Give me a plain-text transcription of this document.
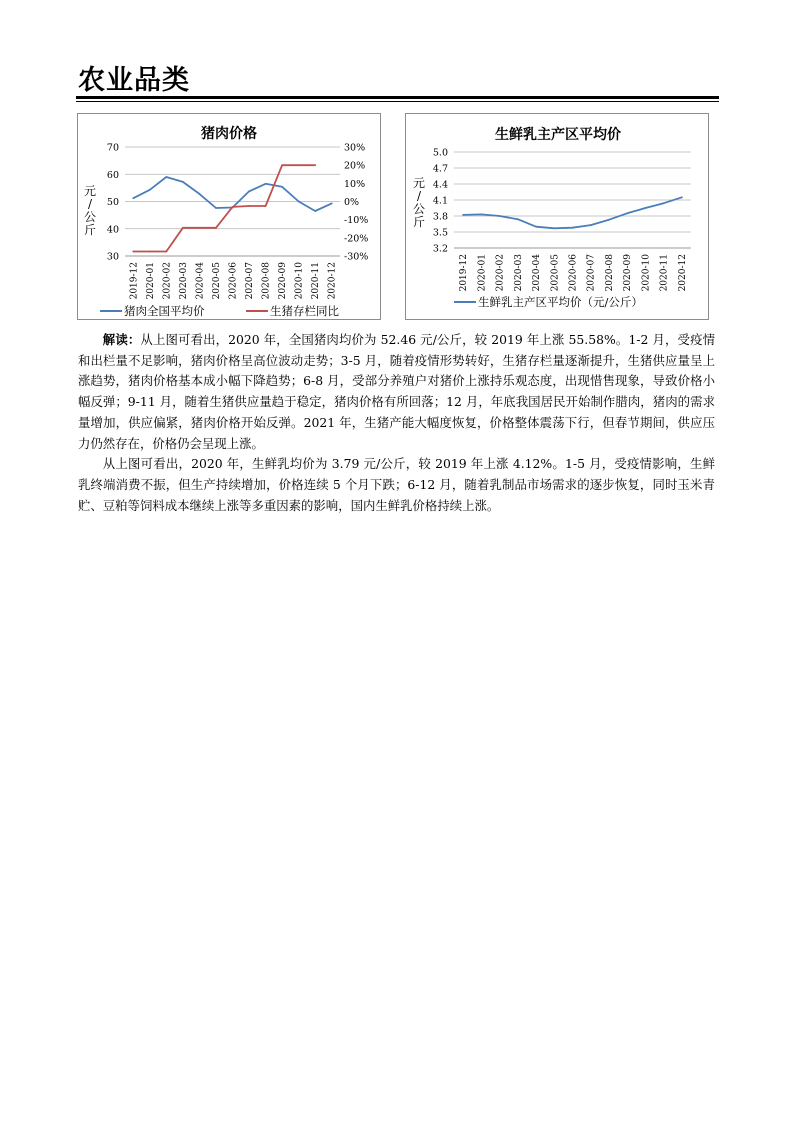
农业品类
猪肉价格
70
60
50
40
30
30%
20%
10%
0%
-10%
-20%
-30%
2019-12 2020-01 2020-02 2020-03 2020-04 2020-05 2020-06 2020-07 2020-08 2020-09 2020-10 2020-11 2020-12
元
/
公
斤
猪肉全国平均价	生猪存栏同比
生鲜乳主产区平均价
5.0
4.7
4.4
4.1
3.8
3.5
3.2
2019-12 2020-01 2020-02 2020-03 2020-04 2020-05 2020-06 2020-07 2020-08 2020-09 2020-10 2020-11 2020-12
元
/
公
斤
生鲜乳主产区平均价（元/公斤）

解读：从上图可看出，2020 年，全国猪肉均价为 52.46 元/公斤，较 2019 年上涨 55.58%。1-2 月，受疫情和出栏量不足影响，猪肉价格呈高位波动走势；3-5 月，随着疫情形势转好，生猪存栏量逐渐提升，生猪供应量呈上涨趋势，猪肉价格基本成小幅下降趋势；6-8 月，受部分养殖户对猪价上涨持乐观态度，出现惜售现象，导致价格小幅反弹；9-11 月，随着生猪供应量趋于稳定，猪肉价格有所回落；12 月，年底我国居民开始制作腊肉，猪肉的需求量增加，供应偏紧，猪肉价格开始反弹。2021 年，生猪产能大幅度恢复，价格整体震荡下行，但春节期间，供应压力仍然存在，价格仍会呈现上涨。

从上图可看出，2020 年，生鲜乳均价为 3.79 元/公斤，较 2019 年上涨 4.12%。1-5 月，受疫情影响，生鲜乳终端消费不振，但生产持续增加，价格连续 5 个月下跌；6-12 月，随着乳制品市场需求的逐步恢复，同时玉米青贮、豆粕等饲料成本继续上涨等多重因素的影响，国内生鲜乳价格持续上涨。
